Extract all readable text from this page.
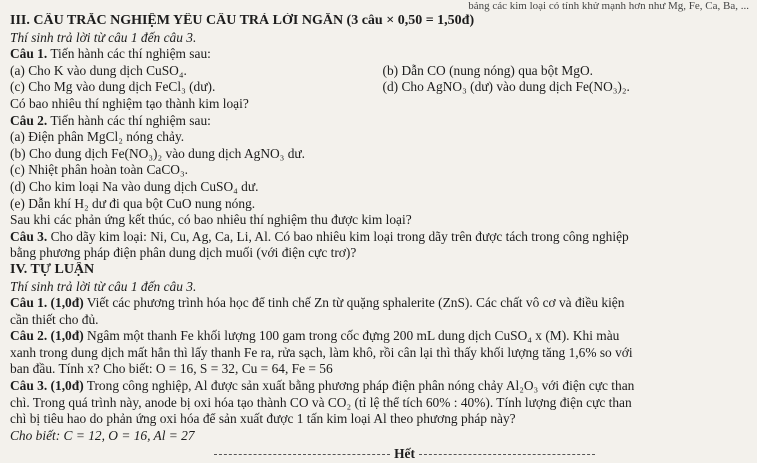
bảng các kim loại có tính khử mạnh hơn như Mg, Fe, Ca, Ba, ...
III. CÂU TRẮC NGHIỆM YÊU CẦU TRẢ LỜI NGẮN (3 câu × 0,50 = 1,50đ)
Thí sinh trả lời từ câu 1 đến câu 3.
Câu 1. Tiến hành các thí nghiệm sau:
(a) Cho K vào dung dịch CuSO₄.	(b) Dẫn CO (nung nóng) qua bột MgO.
(c) Cho Mg vào dung dịch FeCl₃ (dư).	(d) Cho AgNO₃ (dư) vào dung dịch Fe(NO₃)₂.
Có bao nhiêu thí nghiệm tạo thành kim loại?
Câu 2. Tiến hành các thí nghiệm sau:
(a) Điện phân MgCl₂ nóng chảy.
(b) Cho dung dịch Fe(NO₃)₂ vào dung dịch AgNO₃ dư.
(c) Nhiệt phân hoàn toàn CaCO₃.
(d) Cho kim loại Na vào dung dịch CuSO₄ dư.
(e) Dẫn khí H₂ dư đi qua bột CuO nung nóng.
Sau khi các phản ứng kết thúc, có bao nhiêu thí nghiệm thu được kim loại?
Câu 3. Cho dãy kim loại: Ni, Cu, Ag, Ca, Li, Al. Có bao nhiêu kim loại trong dãy trên được tách trong công nghiệp
bằng phương pháp điện phân dung dịch muối (với điện cực trơ)?
IV. TỰ LUẬN
Thí sinh trả lời từ câu 1 đến câu 3.
Câu 1. (1,0đ) Viết các phương trình hóa học để tinh chế Zn từ quặng sphalerite (ZnS). Các chất vô cơ và điều kiện
cần thiết cho đủ.
Câu 2. (1,0đ) Ngâm một thanh Fe khối lượng 100 gam trong cốc đựng 200 mL dung dịch CuSO₄ x (M). Khi màu
xanh trong dung dịch mất hẳn thì lấy thanh Fe ra, rửa sạch, làm khô, rồi cân lại thì thấy khối lượng tăng 1,6% so với
ban đầu. Tính x? Cho biết: O = 16, S = 32, Cu = 64, Fe = 56
Câu 3. (1,0đ) Trong công nghiệp, Al được sản xuất bằng phương pháp điện phân nóng chảy Al₂O₃ với điện cực than
chì. Trong quá trình này, anode bị oxi hóa tạo thành CO và CO₂ (tỉ lệ thể tích 60% : 40%). Tính lượng điện cực than
chì bị tiêu hao do phản ứng oxi hóa để sản xuất được 1 tấn kim loại Al theo phương pháp này?
Cho biết: C = 12, O = 16, Al = 27
Hết
